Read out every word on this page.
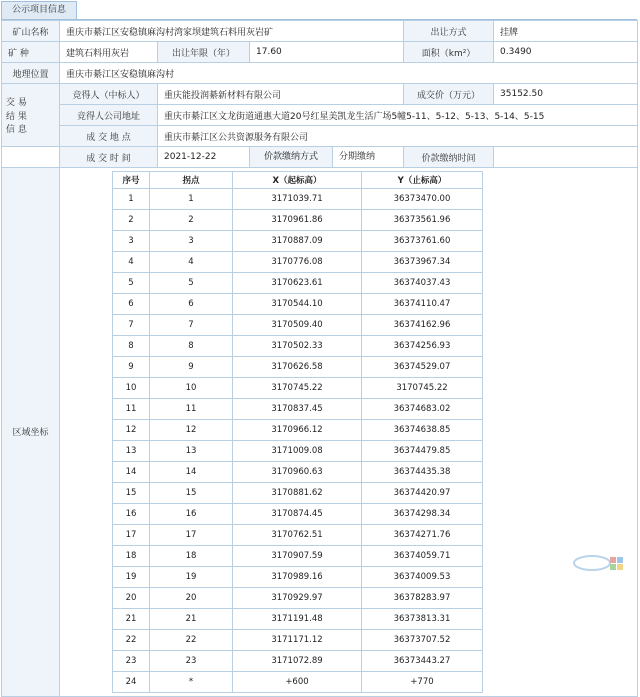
公示项目信息
矿山名称	重庆市綦江区安稳镇麻沟村湾家坝建筑石料用灰岩矿	出让方式	挂牌

矿 种	建筑石料用灰岩	出让年限（年）	17.60	面积（km²）	0.3490
地理位置	重庆市綦江区安稳镇麻沟村

交 易
结 果
信 息
	竞得人（中标人）	重庆能投润綦新材料有限公司	成交价（万元）	35152.50
竞得人公司地址	重庆市綦江区文龙街道通惠大道20号红星美凯龙生活广场5幢5-11、5-12、5-13、5-14、5-15
成 交 地 点	重庆市綦江区公共资源服务有限公司
	成 交 时 间	2021-12-22	价款缴纳方式	分期缴纳	价款缴纳时间	
区域坐标	
序号	拐点	X（起标高）	Y（止标高）
1	1	3171039.71	36373470.00
2	2	3170961.86	36373561.96
3	3	3170887.09	36373761.60
4	4	3170776.08	36373967.34
5	5	3170623.61	36374037.43
6	6	3170544.10	36374110.47
7	7	3170509.40	36374162.96
8	8	3170502.33	36374256.93
9	9	3170626.58	36374529.07
10	10	3170745.22	3170745.22
11	11	3170837.45	36374683.02
12	12	3170966.12	36374638.85
13	13	3171009.08	36374479.85
14	14	3170960.63	36374435.38
15	15	3170881.62	36374420.97
16	16	3170874.45	36374298.34
17	17	3170762.51	36374271.76
18	18	3170907.59	36374059.71
19	19	3170989.16	36374009.53
20	20	3170929.97	36378283.97
21	21	3171191.48	36373813.31
22	22	3171171.12	36373707.52
23	23	3171072.89	36373443.27
24	*	+600	+770
